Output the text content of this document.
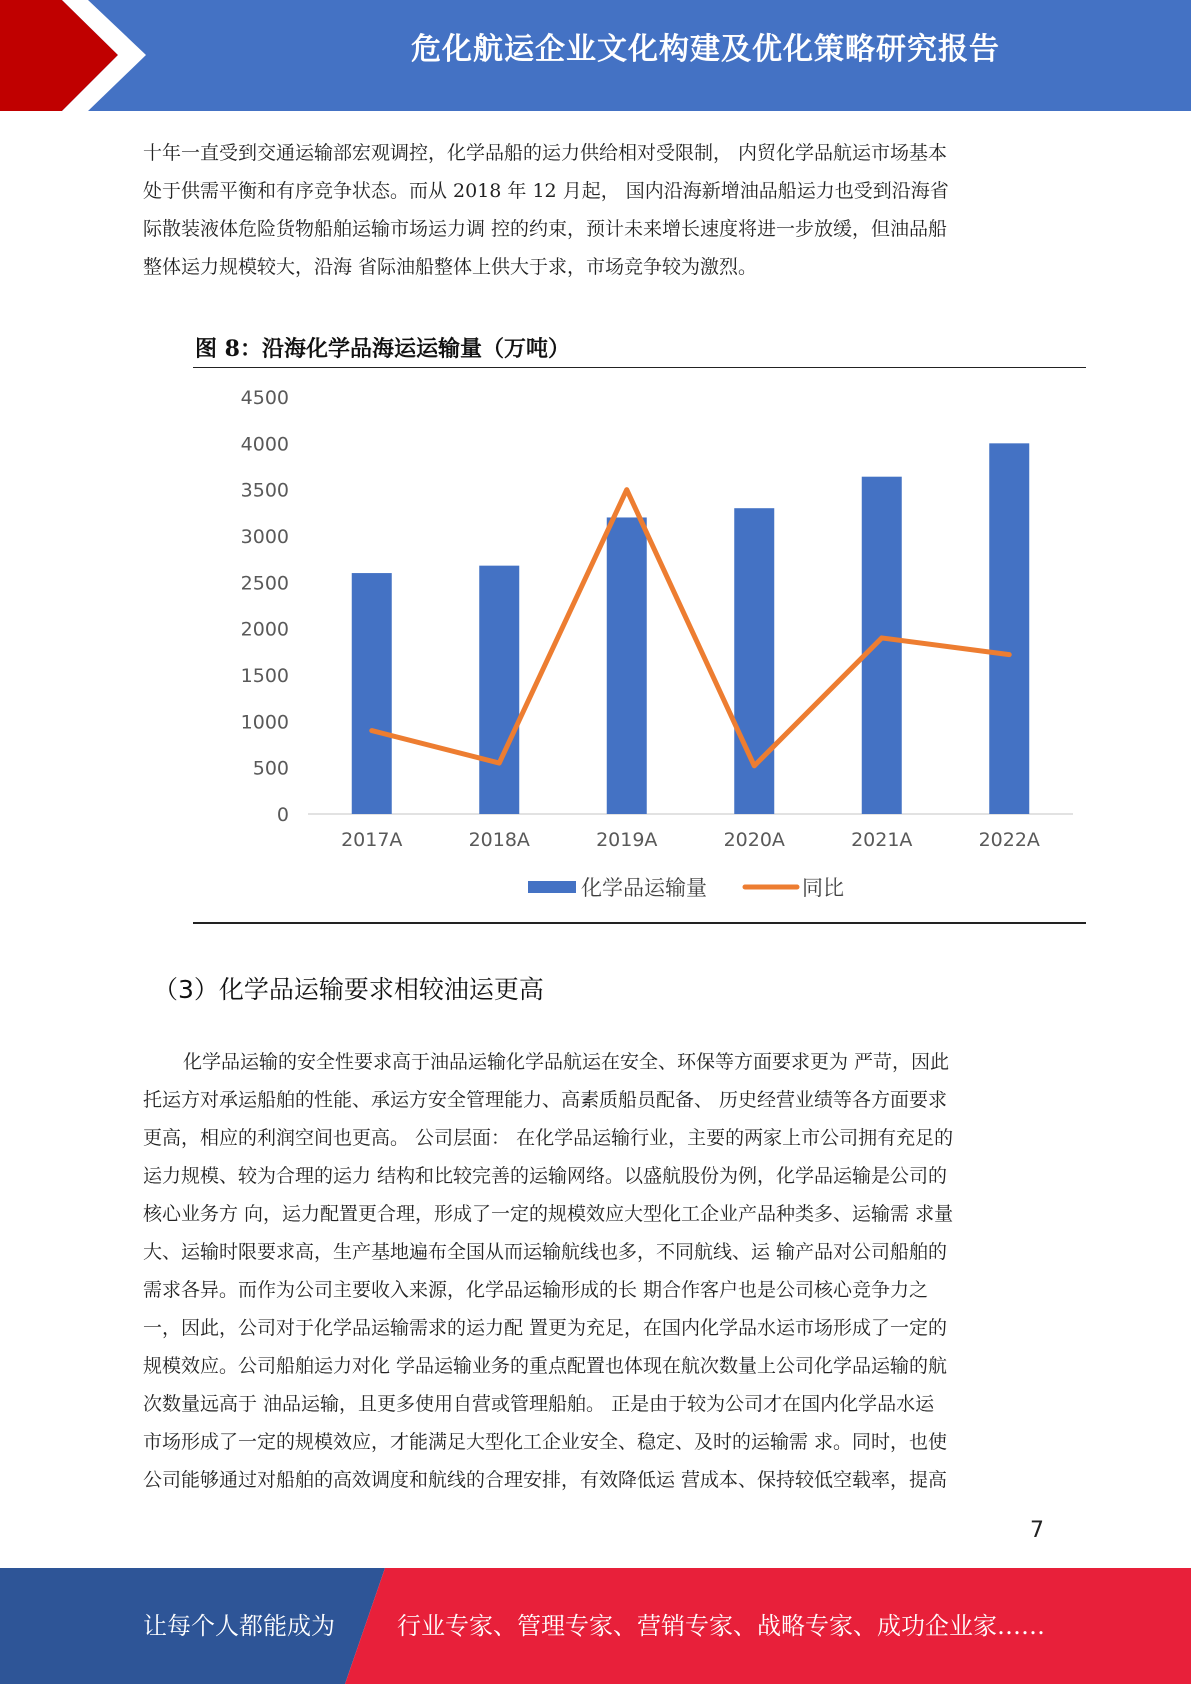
危化航运企业文化构建及优化策略研究报告
十年一直受到交通运输部宏观调控，化学品船的运力供给相对受限制， 内贸化学品航运市场基本
处于供需平衡和有序竞争状态。而从 2018 年 12 月起， 国内沿海新增油品船运力也受到沿海省
际散装液体危险货物船舶运输市场运力调 控的约束，预计未来增长速度将进一步放缓，但油品船
整体运力规模较大，沿海 省际油船整体上供大于求，市场竞争较为激烈。
图 8：沿海化学品海运运输量（万吨）
0
500
1000
1500
2000
2500
3000
3500
4000
4500
2017A	2018A	2019A	2020A	2021A	2022A
化学品运输量	同比
（3）化学品运输要求相较油运更高
化学品运输的安全性要求高于油品运输化学品航运在安全、环保等方面要求更为 严苛，因此
托运方对承运船舶的性能、承运方安全管理能力、高素质船员配备、 历史经营业绩等各方面要求
更高，相应的利润空间也更高。 公司层面： 在化学品运输行业，主要的两家上市公司拥有充足的
运力规模、较为合理的运力 结构和比较完善的运输网络。以盛航股份为例，化学品运输是公司的
核心业务方 向，运力配置更合理，形成了一定的规模效应大型化工企业产品种类多、运输需 求量
大、运输时限要求高，生产基地遍布全国从而运输航线也多，不同航线、运 输产品对公司船舶的
需求各异。而作为公司主要收入来源，化学品运输形成的长 期合作客户也是公司核心竞争力之
一，因此，公司对于化学品运输需求的运力配 置更为充足，在国内化学品水运市场形成了一定的
规模效应。公司船舶运力对化 学品运输业务的重点配置也体现在航次数量上公司化学品运输的航
次数量远高于 油品运输，且更多使用自营或管理船舶。 正是由于较为公司才在国内化学品水运
市场形成了一定的规模效应，才能满足大型化工企业安全、稳定、及时的运输需 求。同时，也使
公司能够通过对船舶的高效调度和航线的合理安排，有效降低运 营成本、保持较低空载率，提高
7
让每个人都能成为	行业专家、管理专家、营销专家、战略专家、成功企业家……
